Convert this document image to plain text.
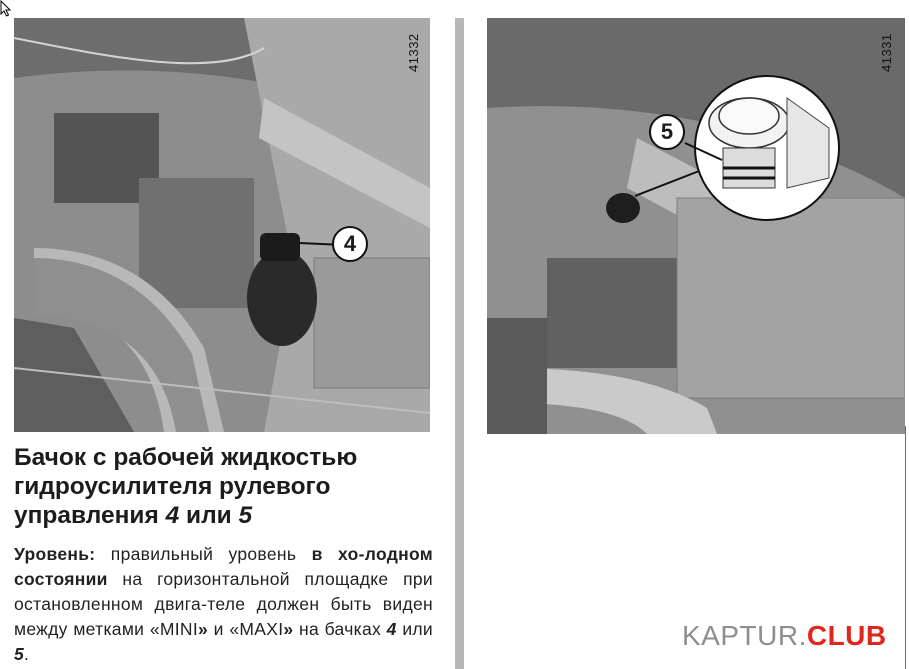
41332
4
41331
5
Бачок с рабочей жидкостью
гидроусилителя рулевого
управления 4 или 5
Уровень: правильный уровень в хо-лодном состоянии на горизонтальной площадке при остановленном двига-теле должен быть виден между метками «MINI» и «MAXI» на бачках 4 или 5.
KAPTUR.CLUB
